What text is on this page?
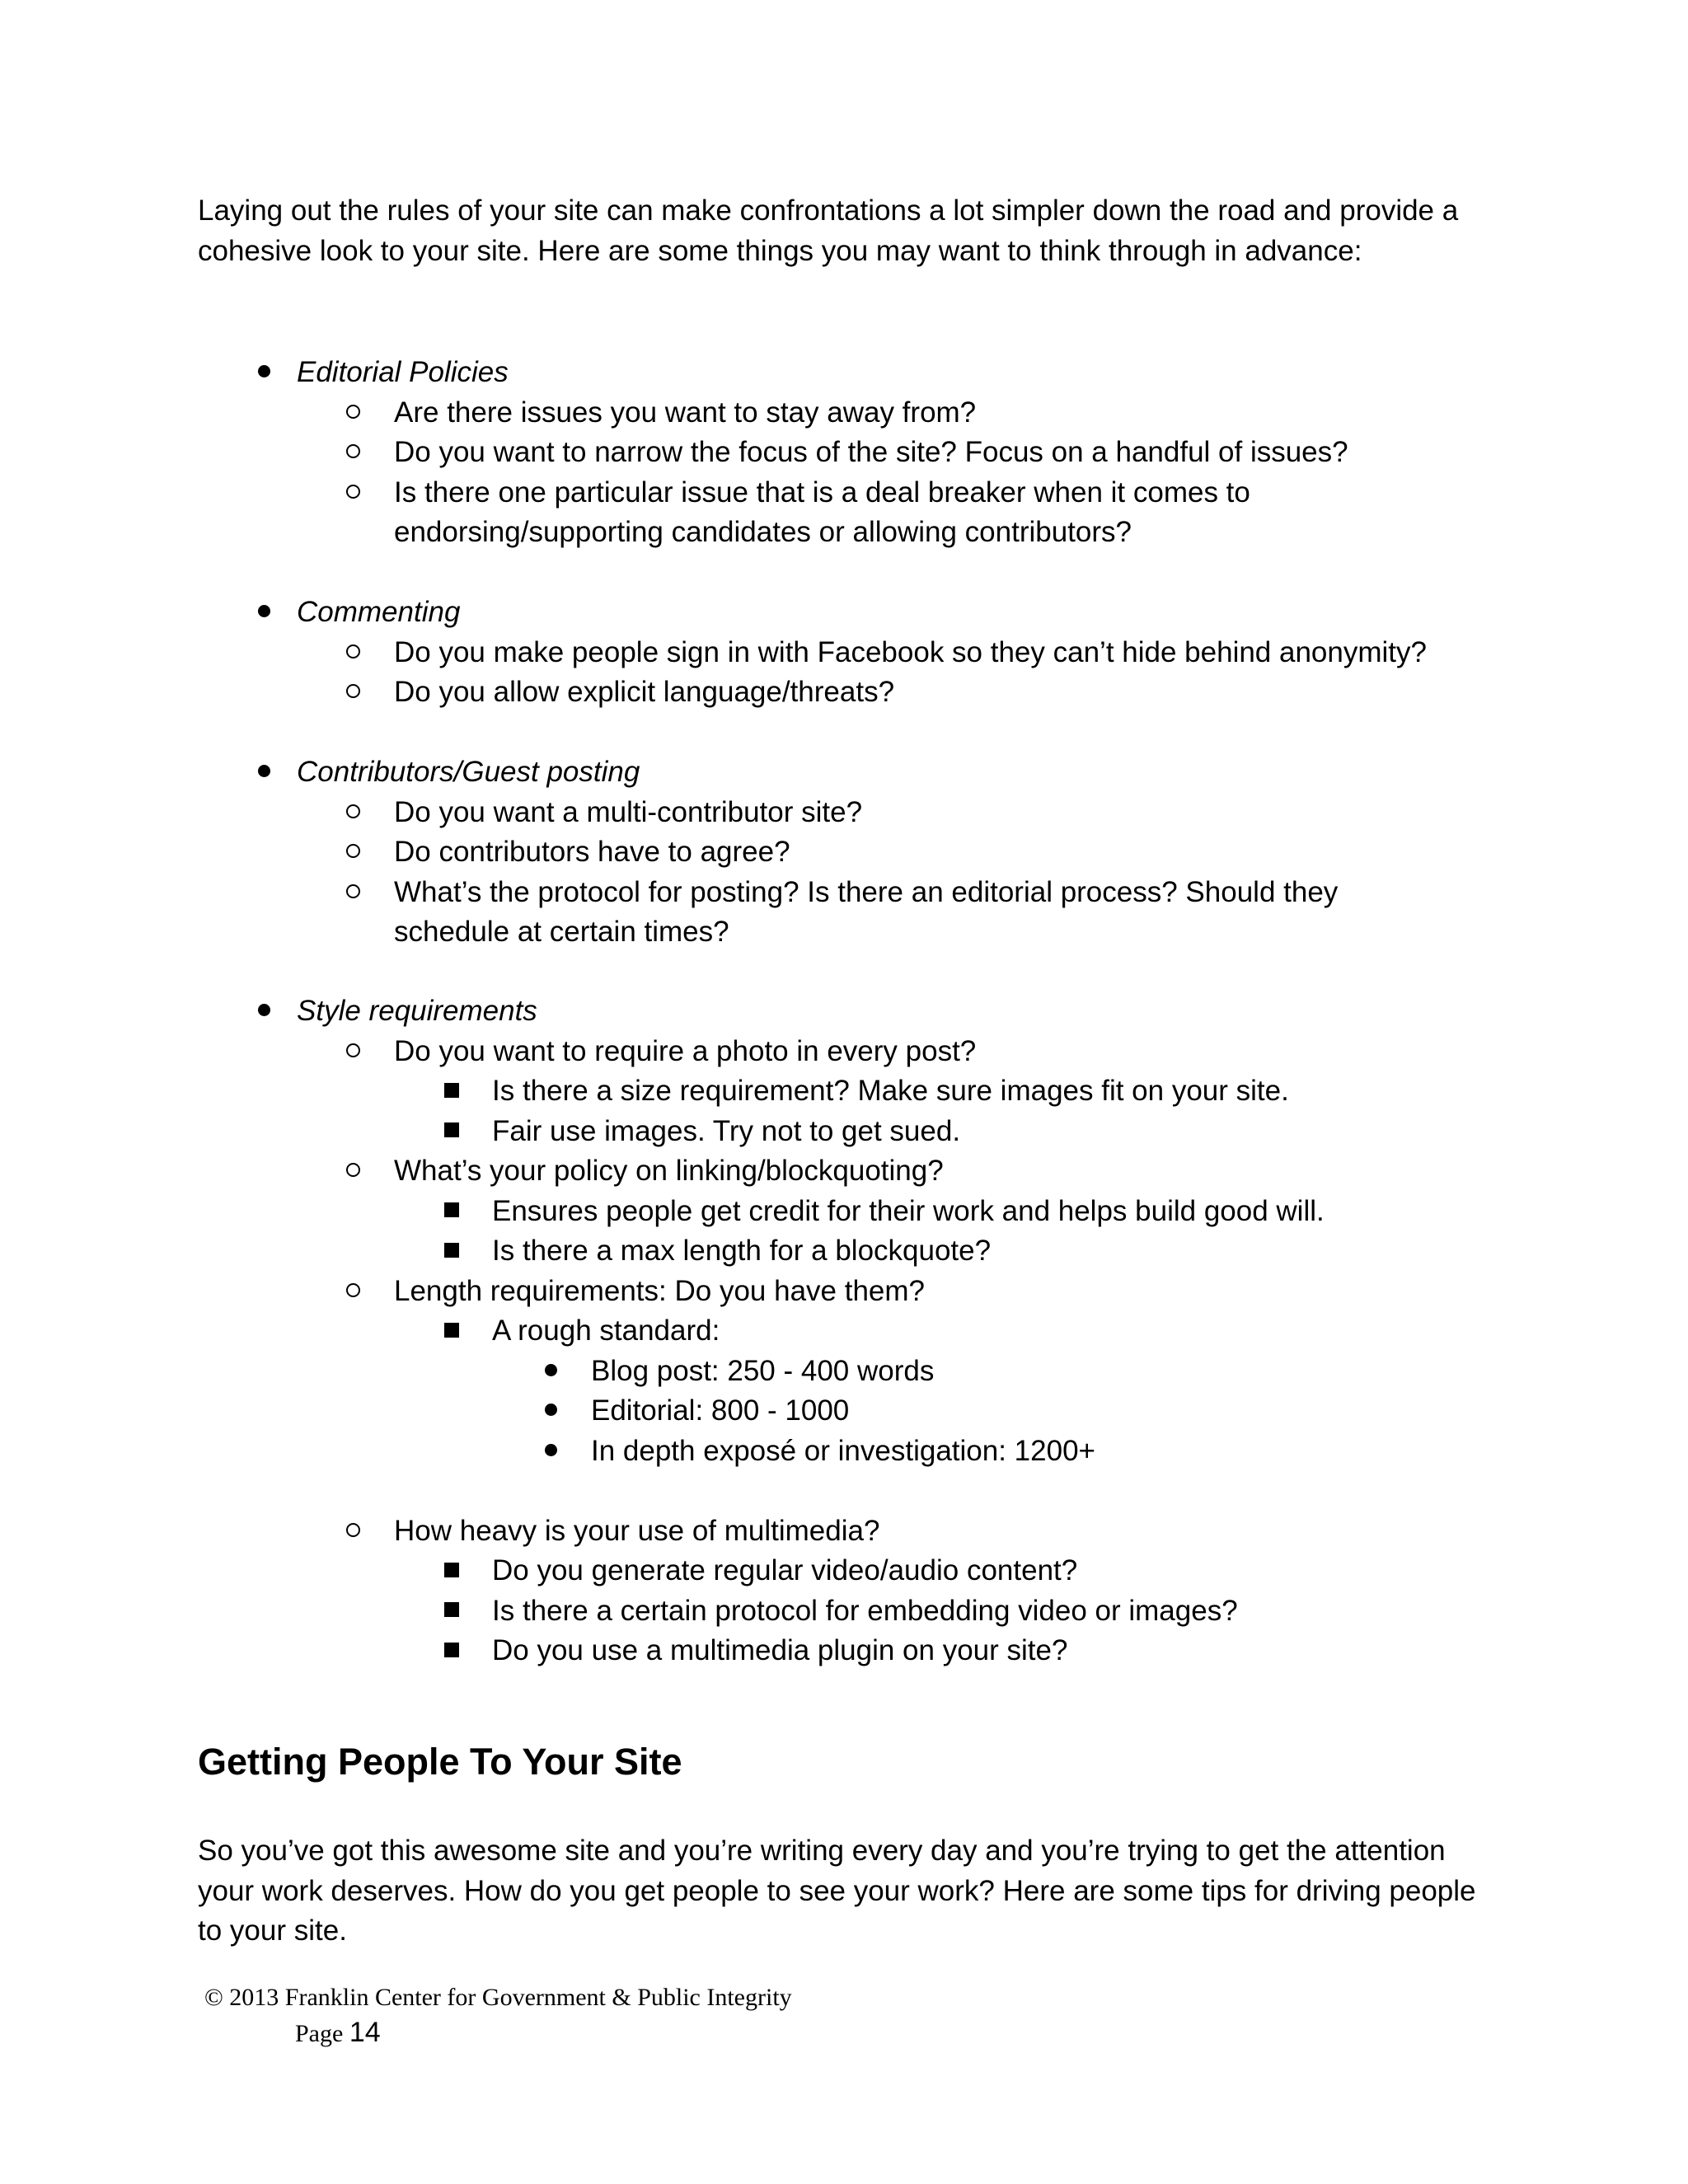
Laying out the rules of your site can make confrontations a lot simpler down the road and provide a cohesive look to your site. Here are some things you may want to think through in advance:

Editorial Policies
Are there issues you want to stay away from?
Do you want to narrow the focus of the site? Focus on a handful of issues?
Is there one particular issue that is a deal breaker when it comes to endorsing/supporting candidates or allowing contributors?
Commenting
Do you make people sign in with Facebook so they can’t hide behind anonymity?
Do you allow explicit language/threats?
Contributors/Guest posting
Do you want a multi-contributor site?
Do contributors have to agree?
What’s the protocol for posting? Is there an editorial process? Should they schedule at certain times?
Style requirements
Do you want to require a photo in every post?
Is there a size requirement? Make sure images fit on your site.
Fair use images. Try not to get sued.
What’s your policy on linking/blockquoting?
Ensures people get credit for their work and helps build good will.
Is there a max length for a blockquote?
Length requirements: Do you have them?
A rough standard:
Blog post: 250 - 400 words
Editorial: 800 - 1000
In depth exposé or investigation: 1200+
How heavy is your use of multimedia?
Do you generate regular video/audio content?
Is there a certain protocol for embedding video or images?
Do you use a multimedia plugin on your site?
Getting People To Your Site

So you’ve got this awesome site and you’re writing every day and you’re trying to get the attention your work deserves. How do you get people to see your work? Here are some tips for driving people to your site.

© 2013 Franklin Center for Government & Public Integrity
Page 14
